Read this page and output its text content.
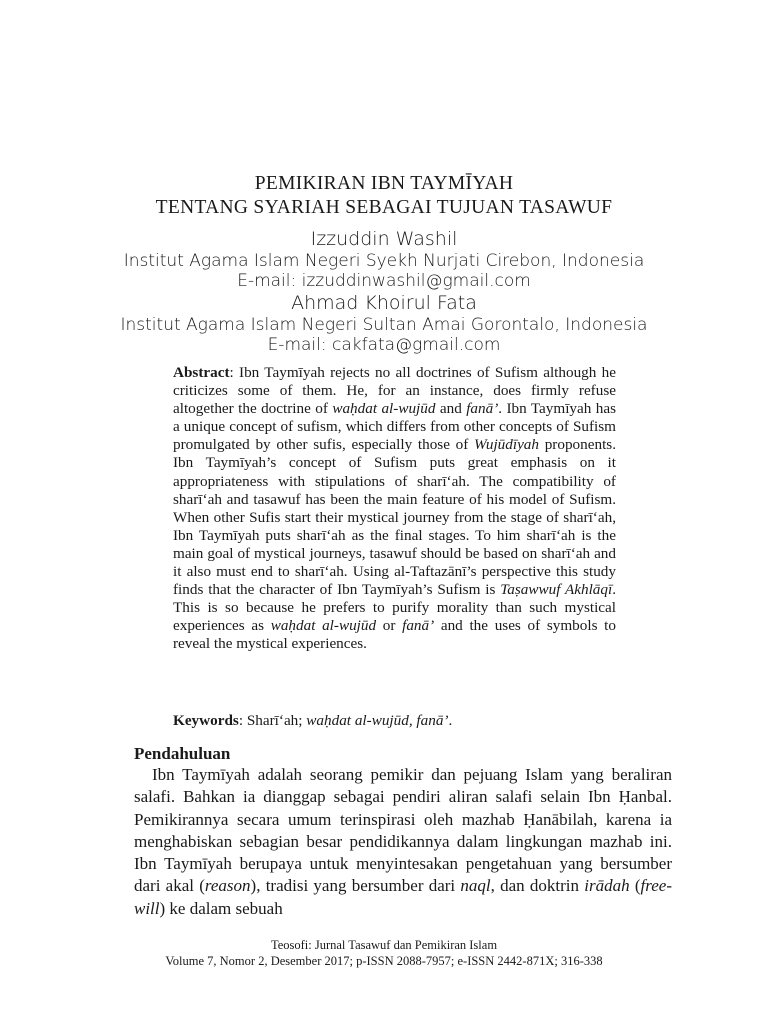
PEMIKIRAN IBN TAYMĪYAH
TENTANG SYARIAH SEBAGAI TUJUAN TASAWUF
Izzuddin Washil
Institut Agama Islam Negeri Syekh Nurjati Cirebon, Indonesia
E-mail: izzuddinwashil@gmail.com
Ahmad Khoirul Fata
Institut Agama Islam Negeri Sultan Amai Gorontalo, Indonesia
E-mail: cakfata@gmail.com
Abstract: Ibn Taymīyah rejects no all doctrines of Sufism although he criticizes some of them. He, for an instance, does firmly refuse altogether the doctrine of waḥdat al-wujūd and fanā’. Ibn Taymīyah has a unique concept of sufism, which differs from other concepts of Sufism promulgated by other sufis, especially those of Wujūdīyah proponents. Ibn Taymīyah’s concept of Sufism puts great emphasis on it appropriateness with stipulations of sharī‘ah. The compatibility of sharī‘ah and tasawuf has been the main feature of his model of Sufism. When other Sufis start their mystical journey from the stage of sharī‘ah, Ibn Taymīyah puts sharī‘ah as the final stages. To him sharī‘ah is the main goal of mystical journeys, tasawuf should be based on sharī‘ah and it also must end to sharī‘ah. Using al-Taftazānī’s perspective this study finds that the character of Ibn Taymīyah’s Sufism is Taṣawwuf Akhlāqī. This is so because he prefers to purify morality than such mystical experiences as waḥdat al-wujūd or fanā’ and the uses of symbols to reveal the mystical experiences.
Keywords: Sharī‘ah; waḥdat al-wujūd, fanā’.
Pendahuluan

Ibn Taymīyah adalah seorang pemikir dan pejuang Islam yang beraliran salafi. Bahkan ia dianggap sebagai pendiri aliran salafi selain Ibn Ḥanbal. Pemikirannya secara umum terinspirasi oleh mazhab Ḥanābilah, karena ia menghabiskan sebagian besar pendidikannya dalam lingkungan mazhab ini. Ibn Taymīyah berupaya untuk menyintesakan pengetahuan yang bersumber dari akal (reason), tradisi yang bersumber dari naql, dan doktrin irādah (free-will) ke dalam sebuah

Teosofi: Jurnal Tasawuf dan Pemikiran Islam
Volume 7, Nomor 2, Desember 2017; p-ISSN 2088-7957; e-ISSN 2442-871X; 316-338
